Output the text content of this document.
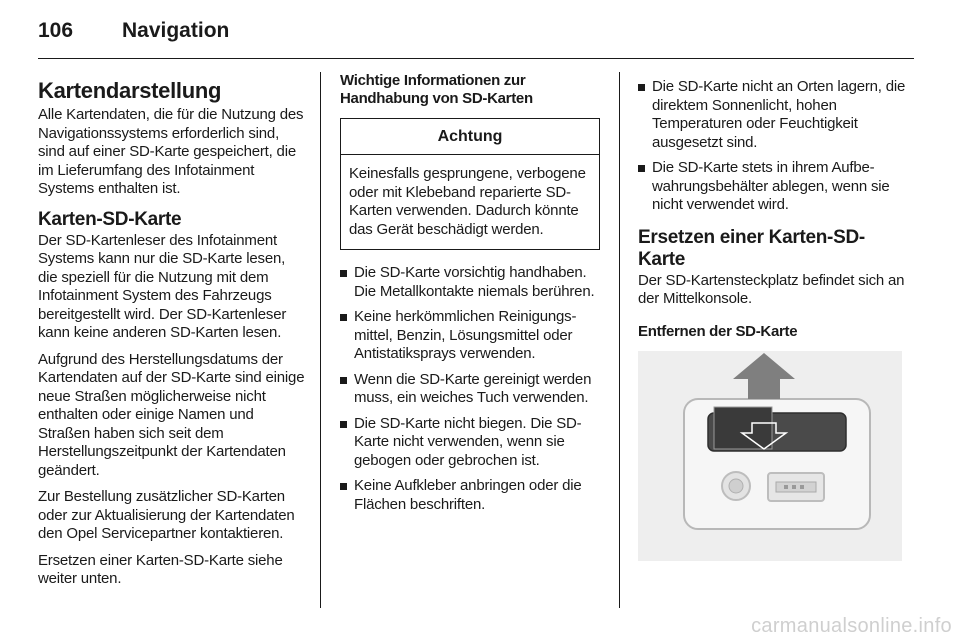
106 Navigation
Kartendarstellung

Alle Kartendaten, die für die Nutzung des Navigationssystems erforderlich sind, sind auf einer SD-Karte gespeichert, die im Lieferumfang des Infotainment Systems enthalten ist.

Karten-SD-Karte

Der SD-Kartenleser des Infotainment Systems kann nur die SD-Karte lesen, die speziell für die Nutzung mit dem Infotainment System des Fahrzeugs bereitgestellt wird. Der SD-Kartenleser kann keine anderen SD-Karten lesen.

Aufgrund des Herstellungsdatums der Kartendaten auf der SD-Karte sind einige neue Straßen möglicherweise nicht enthalten oder einige Namen und Straßen haben sich seit dem Herstellungszeitpunkt der Kartendaten geändert.

Zur Bestellung zusätzlicher SD-Karten oder zur Aktualisierung der Kartendaten den Opel Servicepartner kontaktieren.

Ersetzen einer Karten-SD-Karte siehe weiter unten.

Wichtige Informationen zur Handhabung von SD-Karten
Achtung
Keinesfalls gesprungene, verbogene oder mit Klebeband reparierte SD-Karten verwenden. Dadurch könnte das Gerät beschädigt werden.
Die SD-Karte vorsichtig handhaben. Die Metallkontakte niemals berühren.
Keine herkömmlichen Reinigungsmittel, Benzin, Lösungsmittel oder Antistatiksprays verwenden.
Wenn die SD-Karte gereinigt werden muss, ein weiches Tuch verwenden.
Die SD-Karte nicht biegen. Die SD-Karte nicht verwenden, wenn sie gebogen oder gebrochen ist.
Keine Aufkleber anbringen oder die Flächen beschriften.
Die SD-Karte nicht an Orten lagern, die direktem Sonnenlicht, hohen Temperaturen oder Feuchtigkeit ausgesetzt sind.
Die SD-Karte stets in ihrem Aufbewahrungsbehälter ablegen, wenn sie nicht verwendet wird.
Ersetzen einer Karten-SD-Karte

Der SD-Kartensteckplatz befindet sich an der Mittelkonsole.

Entfernen der SD-Karte
carmanualsonline.info
